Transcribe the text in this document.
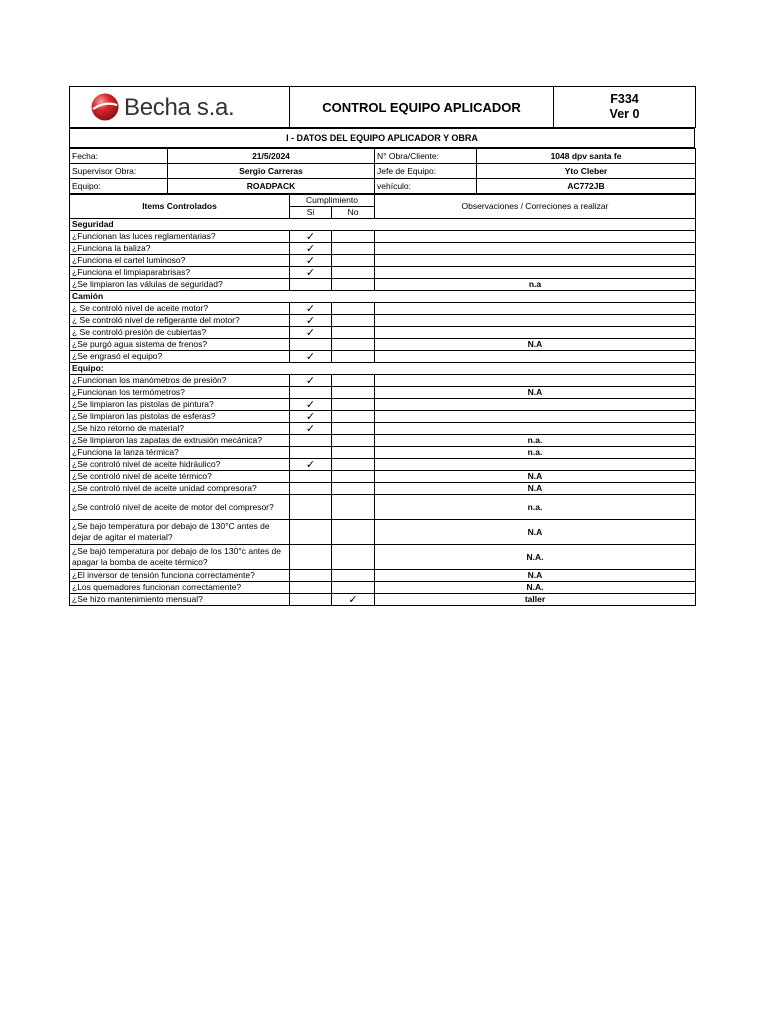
Becha s.a.	CONTROL EQUIPO APLICADOR	
F334
Ver 0
I - DATOS DEL EQUIPO APLICADOR Y OBRA
Fecha:	21/5/2024	N° Obra/Cliente:	1048 dpv santa fe
Supervisor Obra:	Sergio Carreras	Jefe de Equipo:	Yto Cleber
Equipo:	ROADPACK	vehículo:	AC772JB
Items Controlados	Cumplimiento		Observaciones / Correciones a realizar
	Si	No	
Seguridad			
¿Funcionan las luces reglamentarias?	✓		
¿Funciona la baliza?	✓		
¿Funciona el cartel luminoso?	✓		
¿Funciona el limpiaparabrisas?	✓		
¿Se limpiaron las válulas de seguridad?			n.a
Camión			
¿ Se controló nivel de aceite motor?	✓		
¿ Se controló nivel de refigerante del motor?	✓		
¿ Se controló presión de cubiertas?	✓		
¿Se purgó agua sistema de frenos?			N.A
¿Se engrasó el equipo?	✓		
Equipo:			
¿Funcionan los manómetros de presión?	✓		
¿Funcionan los termómetros?			N.A
¿Se limpiaron las pistolas de pintura?	✓		
¿Se limpiaron las pistolas de esferas?	✓		
¿Se hizo retorno de material?	✓		
¿Se limpiaron las zapatas de extrusión mecánica?			n.a.
¿Funciona la lanza térmica?			n.a.
¿Se controló nivel de aceite hidráulico?	✓		
¿Se controló nivel de aceite térmico?			N.A
¿Se controló nivel de aceite unidad compresora?			N.A
¿Se controló nivel de aceite de motor del compresor?			n.a.
¿Se bajo temperatura por debajo de 130°C antes de dejar de agitar el material?			N.A
¿Se bajó temperatura por debajo de los 130°c antes de apagar la bomba de aceite térmico?			N.A.
¿El inversor de tensión funciona correctamente?			N.A
¿Los quemadores funcionan correctamente?			N.A.
¿Se hizo mantenimiento mensual?		✓	taller
